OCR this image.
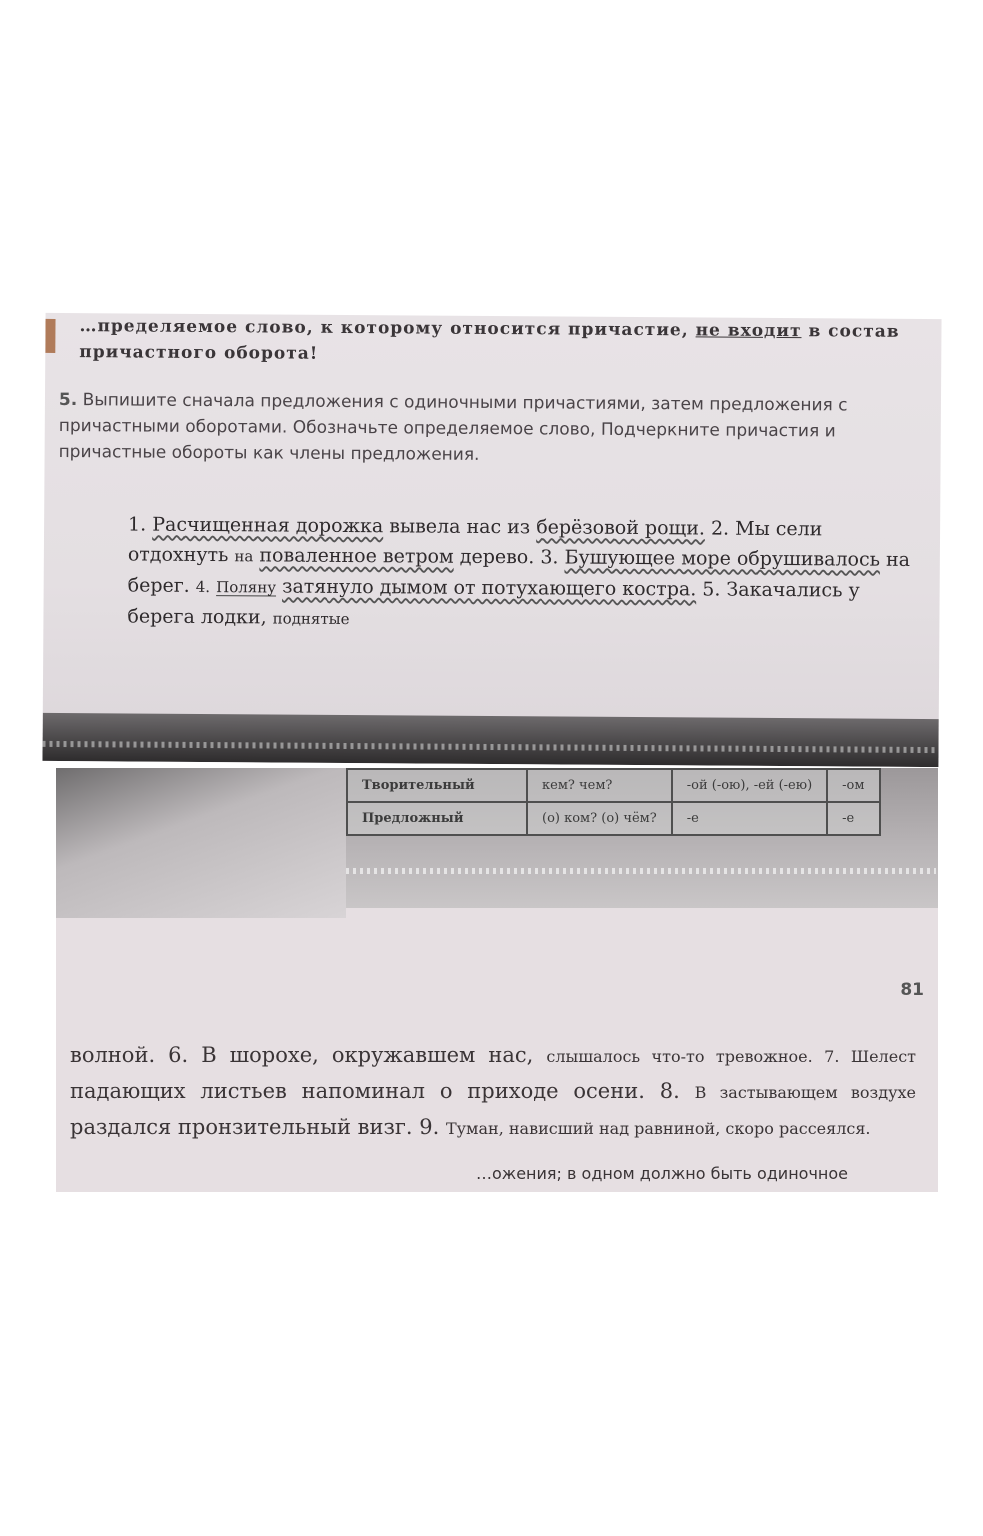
…пределяемое слово, к которому относится причастие, не входит в состав
причастного оборота!
5. Выпишите сначала предложения с одиночными причастиями, затем предложения с причастными оборотами. Обозначьте определяемое слово, Подчеркните причастия и причастные обороты как члены предложения.
1. Расчищенная дорожка вывела нас из берёзовой рощи. 2. Мы сели отдохнуть на поваленное ветром дерево. 3. Бушующее море обрушивалось на берег. 4. Поляну затянуло дымом от потухающего костра. 5. Закачались у берега лодки, поднятые
Творительный	кем? чем?	-ой (-ою), -ей (-ею)	-ом
Предложный	(о) ком? (о) чём?	-е	-е
81
волной. 6. В шорохе, окружавшем нас, слышалось что-то тревожное. 7. Шелест падающих листьев напоминал о приходе осени. 8. В застывающем воздухе раздался пронзительный визг. 9. Туман, нависший над равниной, скоро рассеялся.
…ожения; в одном должно быть одиночное
